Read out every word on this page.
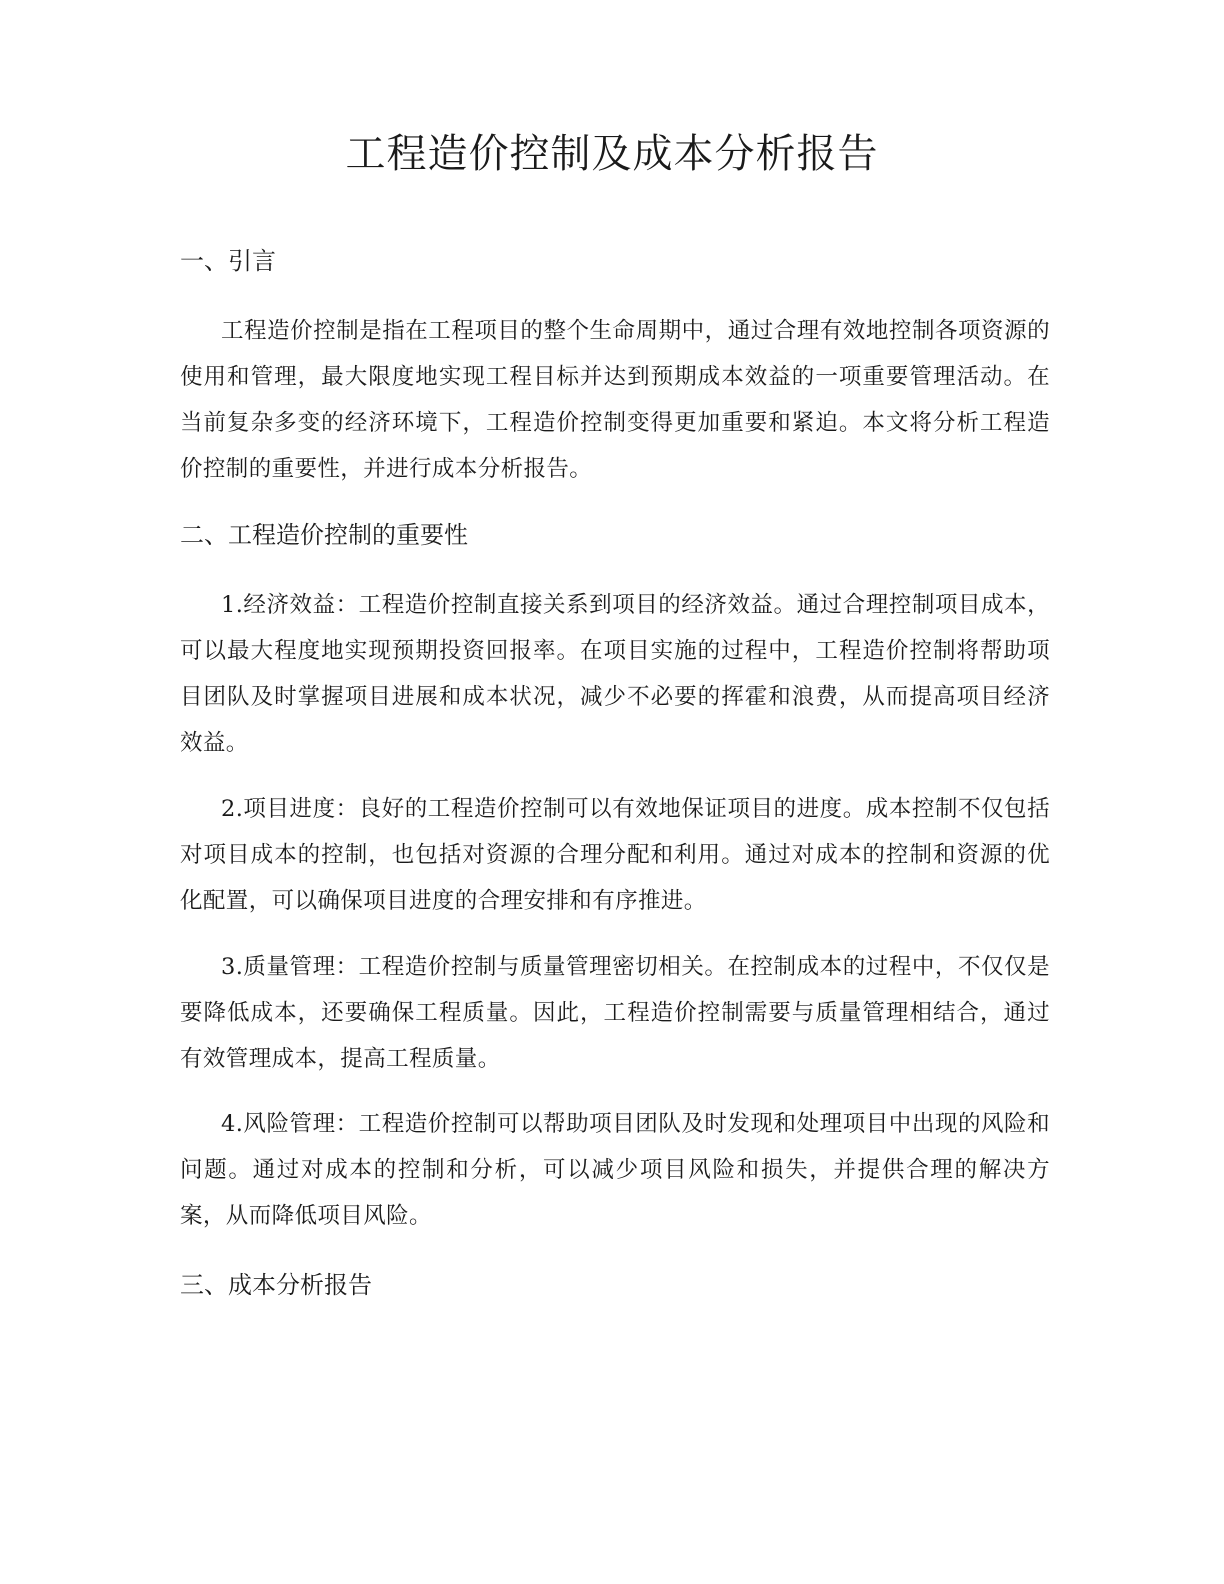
工程造价控制及成本分析报告
一、引言

工程造价控制是指在工程项目的整个生命周期中，通过合理有效地控制各项资源的使用和管理，最大限度地实现工程目标并达到预期成本效益的一项重要管理活动。在当前复杂多变的经济环境下，工程造价控制变得更加重要和紧迫。本文将分析工程造价控制的重要性，并进行成本分析报告。

二、工程造价控制的重要性

1.经济效益：工程造价控制直接关系到项目的经济效益。通过合理控制项目成本，可以最大程度地实现预期投资回报率。在项目实施的过程中，工程造价控制将帮助项目团队及时掌握项目进展和成本状况，减少不必要的挥霍和浪费，从而提高项目经济效益。

2.项目进度：良好的工程造价控制可以有效地保证项目的进度。成本控制不仅包括对项目成本的控制，也包括对资源的合理分配和利用。通过对成本的控制和资源的优化配置，可以确保项目进度的合理安排和有序推进。

3.质量管理：工程造价控制与质量管理密切相关。在控制成本的过程中，不仅仅是要降低成本，还要确保工程质量。因此，工程造价控制需要与质量管理相结合，通过有效管理成本，提高工程质量。

4.风险管理：工程造价控制可以帮助项目团队及时发现和处理项目中出现的风险和问题。通过对成本的控制和分析，可以减少项目风险和损失，并提供合理的解决方案，从而降低项目风险。

三、成本分析报告
